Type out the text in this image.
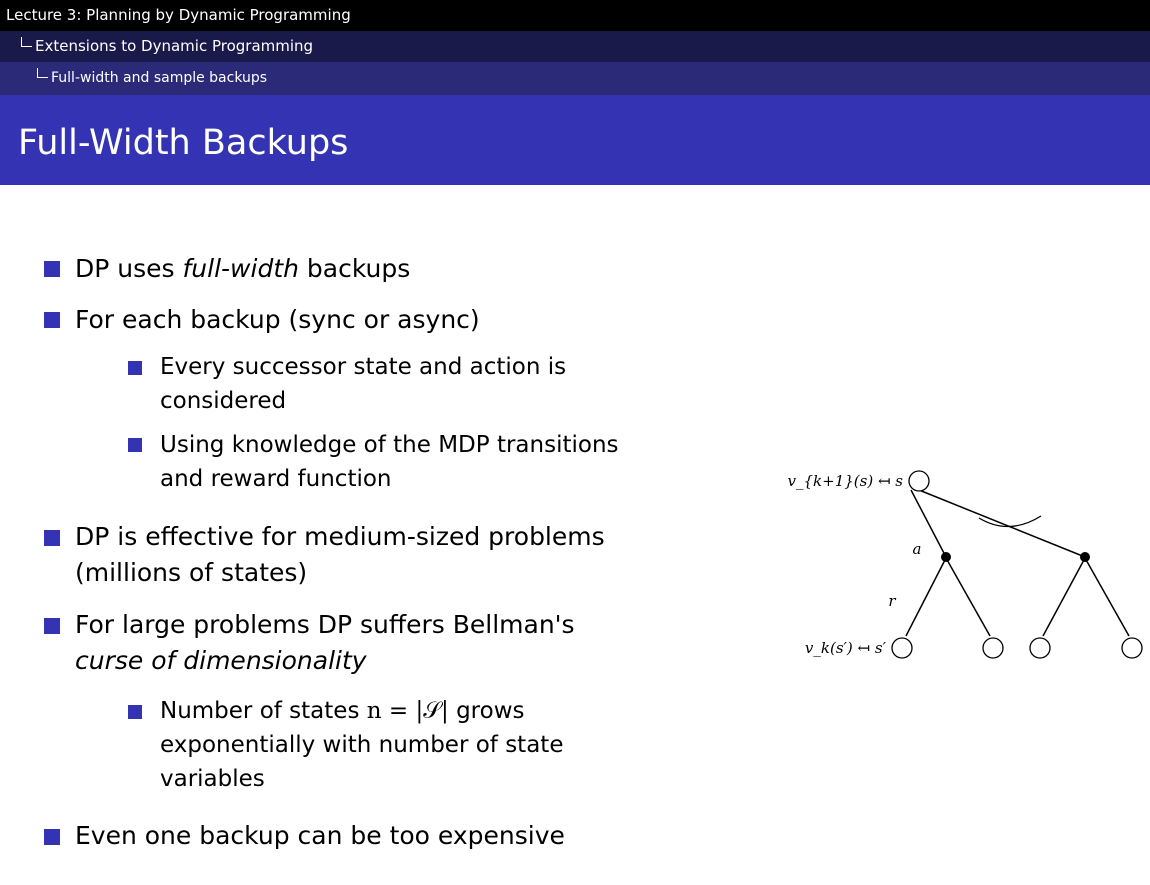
Lecture 3: Planning by Dynamic Programming
Extensions to Dynamic Programming
Full-width and sample backups
Full-Width Backups
DP uses full-width backups
For each backup (sync or async)
Every successor state and action is
considered
Using knowledge of the MDP transitions
and reward function
DP is effective for medium-sized problems
(millions of states)
For large problems DP suffers Bellman's
curse of dimensionality
Number of states n = |𝒮| grows
exponentially with number of state
variables
Even one backup can be too expensive
v_{k+1}(s) ↤ s
a
r
v_k(s′) ↤ s′
